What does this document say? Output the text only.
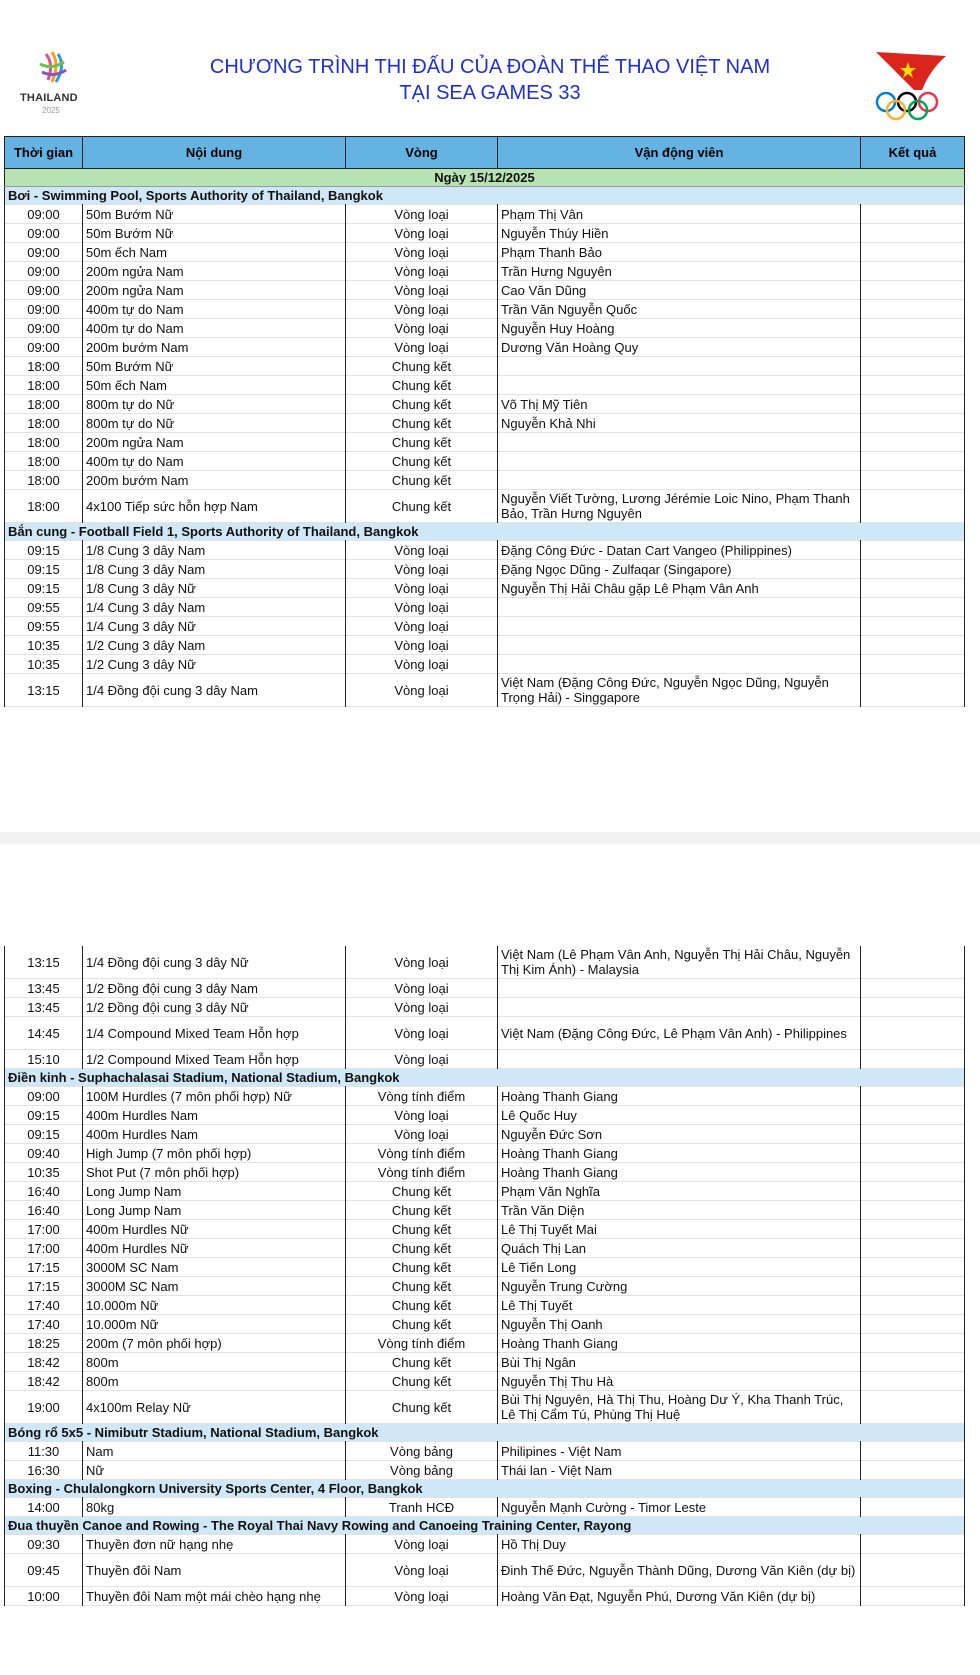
THAILAND
2025
CHƯƠNG TRÌNH THI ĐẤU CỦA ĐOÀN THỂ THAO VIỆT NAM
TẠI SEA GAMES 33
Thời gian	Nội dung	Vòng	Vận động viên	Kết quả
Ngày 15/12/2025				
Bơi - Swimming Pool, Sports Authority of Thailand, Bangkok				
09:00	50m Bướm Nữ	Vòng loại	Phạm Thị Vân	
09:00	50m Bướm Nữ	Vòng loại	Nguyễn Thúy Hiền	
09:00	50m ếch Nam	Vòng loại	Phạm Thanh Bảo	
09:00	200m ngửa Nam	Vòng loại	Trần Hưng Nguyên	
09:00	200m ngửa Nam	Vòng loại	Cao Văn Dũng	
09:00	400m tự do Nam	Vòng loại	Trần Văn Nguyễn Quốc	
09:00	400m tự do Nam	Vòng loại	Nguyễn Huy Hoàng	
09:00	200m bướm Nam	Vòng loại	Dương Văn Hoàng Quy	
18:00	50m Bướm Nữ	Chung kết		
18:00	50m ếch Nam	Chung kết		
18:00	800m tự do Nữ	Chung kết	Võ Thị Mỹ Tiên	
18:00	800m tự do Nữ	Chung kết	Nguyễn Khả Nhi	
18:00	200m ngửa Nam	Chung kết		
18:00	400m tự do Nam	Chung kết		
18:00	200m bướm Nam	Chung kết		
18:00	4x100 Tiếp sức hỗn hợp Nam	Chung kết	Nguyễn Viết Tường, Lương Jérémie Loic Nino, Phạm Thanh Bảo, Trần Hưng Nguyên	
Bắn cung - Football Field 1, Sports Authority of Thailand, Bangkok				
09:15	1/8 Cung 3 dây Nam	Vòng loại	Đặng Công Đức - Datan Cart Vangeo (Philippines)	
09:15	1/8 Cung 3 dây Nam	Vòng loại	Đặng Ngọc Dũng - Zulfaqar (Singapore)	
09:15	1/8 Cung 3 dây Nữ	Vòng loại	Nguyễn Thị Hải Châu gặp Lê Phạm Vân Anh	
09:55	1/4 Cung 3 dây Nam	Vòng loại		
09:55	1/4 Cung 3 dây Nữ	Vòng loại		
10:35	1/2 Cung 3 dây Nam	Vòng loại		
10:35	1/2 Cung 3 dây Nữ	Vòng loại		
13:15	1/4 Đồng đội cung 3 dây Nam	Vòng loại	Việt Nam (Đặng Công Đức, Nguyễn Ngọc Dũng, Nguyễn Trọng Hải) - Singgapore	
13:15	1/4 Đồng đội cung 3 dây Nữ	Vòng loại	Việt Nam (Lê Phạm Vân Anh, Nguyễn Thị Hải Châu, Nguyễn Thị Kim Ánh) - Malaysia	
13:45	1/2 Đồng đội cung 3 dây Nam	Vòng loại		
13:45	1/2 Đồng đội cung 3 dây Nữ	Vòng loại		
14:45	1/4 Compound Mixed Team Hỗn hợp	Vòng loại	Việt Nam (Đặng Công Đức, Lê Phạm Vân Anh) - Philippines	
15:10	1/2 Compound Mixed Team Hỗn hợp	Vòng loại		
Điền kinh - Suphachalasai Stadium, National Stadium, Bangkok				
09:00	100M Hurdles (7 môn phối hợp) Nữ	Vòng tính điểm	Hoàng Thanh Giang	
09:15	400m Hurdles Nam	Vòng loại	Lê Quốc Huy	
09:15	400m Hurdles Nam	Vòng loại	Nguyễn Đức Sơn	
09:40	High Jump (7 môn phối hợp)	Vòng tính điểm	Hoàng Thanh Giang	
10:35	Shot Put (7 môn phối hợp)	Vòng tính điểm	Hoàng Thanh Giang	
16:40	Long Jump Nam	Chung kết	Phạm Văn Nghĩa	
16:40	Long Jump Nam	Chung kết	Trần Văn Diện	
17:00	400m Hurdles Nữ	Chung kết	Lê Thị Tuyết Mai	
17:00	400m Hurdles Nữ	Chung kết	Quách Thị Lan	
17:15	3000M SC Nam	Chung kết	Lê Tiến Long	
17:15	3000M SC Nam	Chung kết	Nguyễn Trung Cường	
17:40	10.000m Nữ	Chung kết	Lê Thị Tuyết	
17:40	10.000m Nữ	Chung kết	Nguyễn Thị Oanh	
18:25	200m (7 môn phối hợp)	Vòng tính điểm	Hoàng Thanh Giang	
18:42	800m	Chung kết	Bùi Thị Ngân	
18:42	800m	Chung kết	Nguyễn Thị Thu Hà	
19:00	4x100m Relay Nữ	Chung kết	Bùi Thị Nguyên, Hà Thị Thu, Hoàng Dư Ý, Kha Thanh Trúc, Lê Thị Cẩm Tú, Phùng Thị Huệ	
Bóng rổ 5x5 - Nimibutr Stadium, National Stadium, Bangkok				
11:30	Nam	Vòng bảng	Philipines - Việt Nam	
16:30	Nữ	Vòng bảng	Thái lan - Việt Nam	
Boxing - Chulalongkorn University Sports Center, 4 Floor, Bangkok				
14:00	80kg	Tranh HCĐ	Nguyễn Mạnh Cường - Timor Leste	
Đua thuyền Canoe and Rowing - The Royal Thai Navy Rowing and Canoeing Training Center, Rayong				
09:30	Thuyền đơn nữ hạng nhẹ	Vòng loại	Hồ Thị Duy	
09:45	Thuyền đôi Nam	Vòng loại	Đinh Thế Đức, Nguyễn Thành Dũng, Dương Văn Kiên (dự bị)	
10:00	Thuyền đôi Nam một mái chèo hạng nhẹ	Vòng loại	Hoàng Văn Đạt, Nguyễn Phú, Dương Văn Kiên (dự bị)	
